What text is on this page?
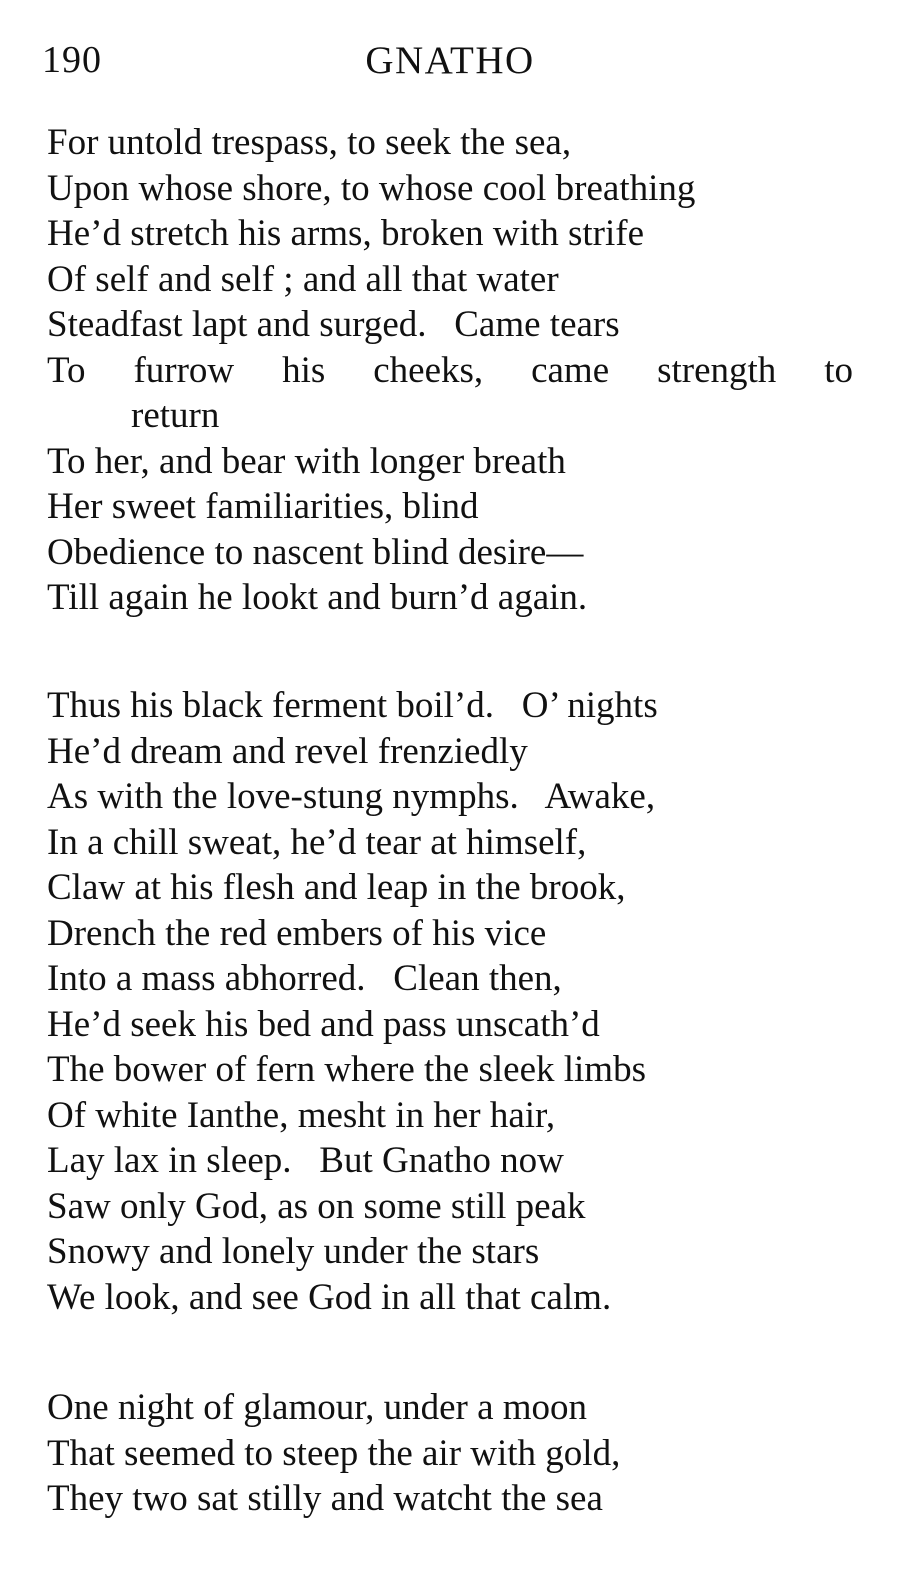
190	GNATHO
For untold trespass, to seek the sea,
Upon whose shore, to whose cool breathing
He’d stretch his arms, broken with strife
Of self and self ; and all that water
Steadfast lapt and surged.   Came tears
To furrow his cheeks, came strength to
return
To her, and bear with longer breath
Her sweet familiarities, blind
Obedience to nascent blind desire—
Till again he lookt and burn’d again.
Thus his black ferment boil’d.   O’ nights
He’d dream and revel frenziedly
As with the love-stung nymphs.   Awake,
In a chill sweat, he’d tear at himself,
Claw at his flesh and leap in the brook,
Drench the red embers of his vice
Into a mass abhorred.   Clean then,
He’d seek his bed and pass unscath’d
The bower of fern where the sleek limbs
Of white Ianthe, mesht in her hair,
Lay lax in sleep.   But Gnatho now
Saw only God, as on some still peak
Snowy and lonely under the stars
We look, and see God in all that calm.
One night of glamour, under a moon
That seemed to steep the air with gold,
They two sat stilly and watcht the sea
